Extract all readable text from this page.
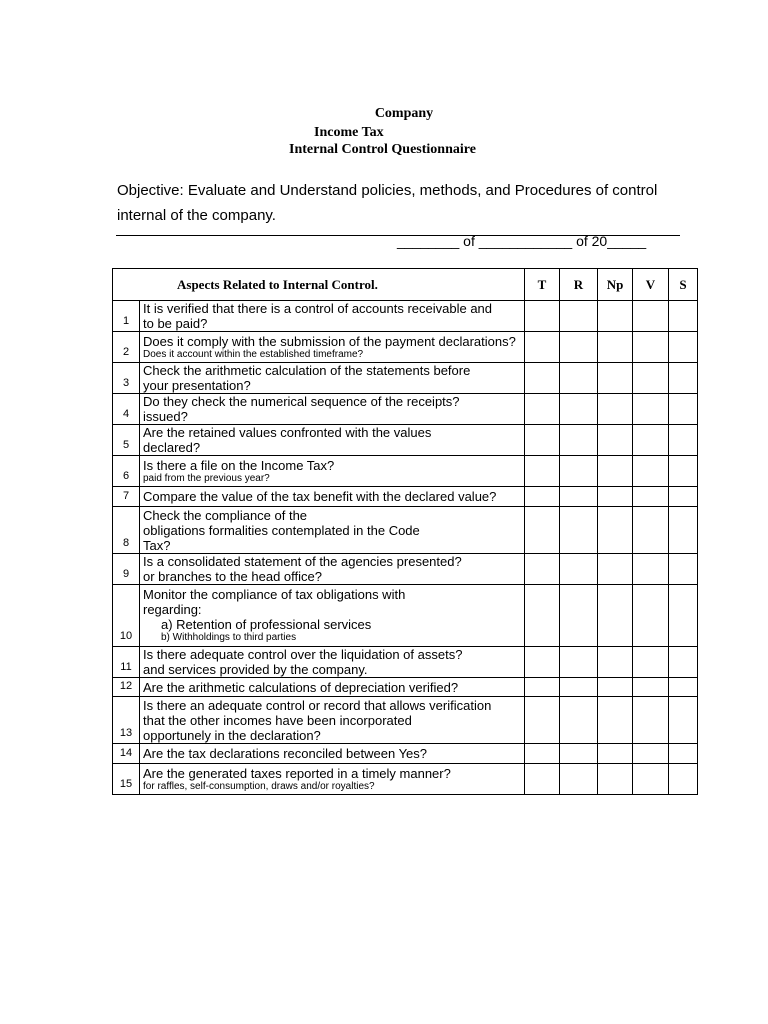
Company
Income Tax
Internal Control Questionnaire
Objective: Evaluate and Understand policies, methods, and Procedures of control internal of the company.
________ of ____________ of 20_____
Aspects Related to Internal Control.		T	R	Np	V	S
1	It is verified that there is a control of accounts receivable and
to be paid?					

2	Does it comply with the submission of the payment declarations?
Does it account within the established timeframe?					

3	Check the arithmetic calculation of the statements before
your presentation?					

4	Do they check the numerical sequence of the receipts?
issued?					

5	Are the retained values confronted with the values
declared?					

6	Is there a file on the Income Tax?
paid from the previous year?					

7	Compare the value of the tax benefit with the declared value?					

8	Check the compliance of the
obligations formalities contemplated in the Code
Tax?					

9	Is a consolidated statement of the agencies presented?
or branches to the head office?					

10	Monitor the compliance of tax obligations with
regarding:
a) Retention of professional services
b) Withholdings to third parties					

11	Is there adequate control over the liquidation of assets?
and services provided by the company.					

12	Are the arithmetic calculations of depreciation verified?					

13	Is there an adequate control or record that allows verification
that the other incomes have been incorporated
opportunely in the declaration?					

14	Are the tax declarations reconciled between Yes?					

15	Are the generated taxes reported in a timely manner?
for raffles, self-consumption, draws and/or royalties?					
